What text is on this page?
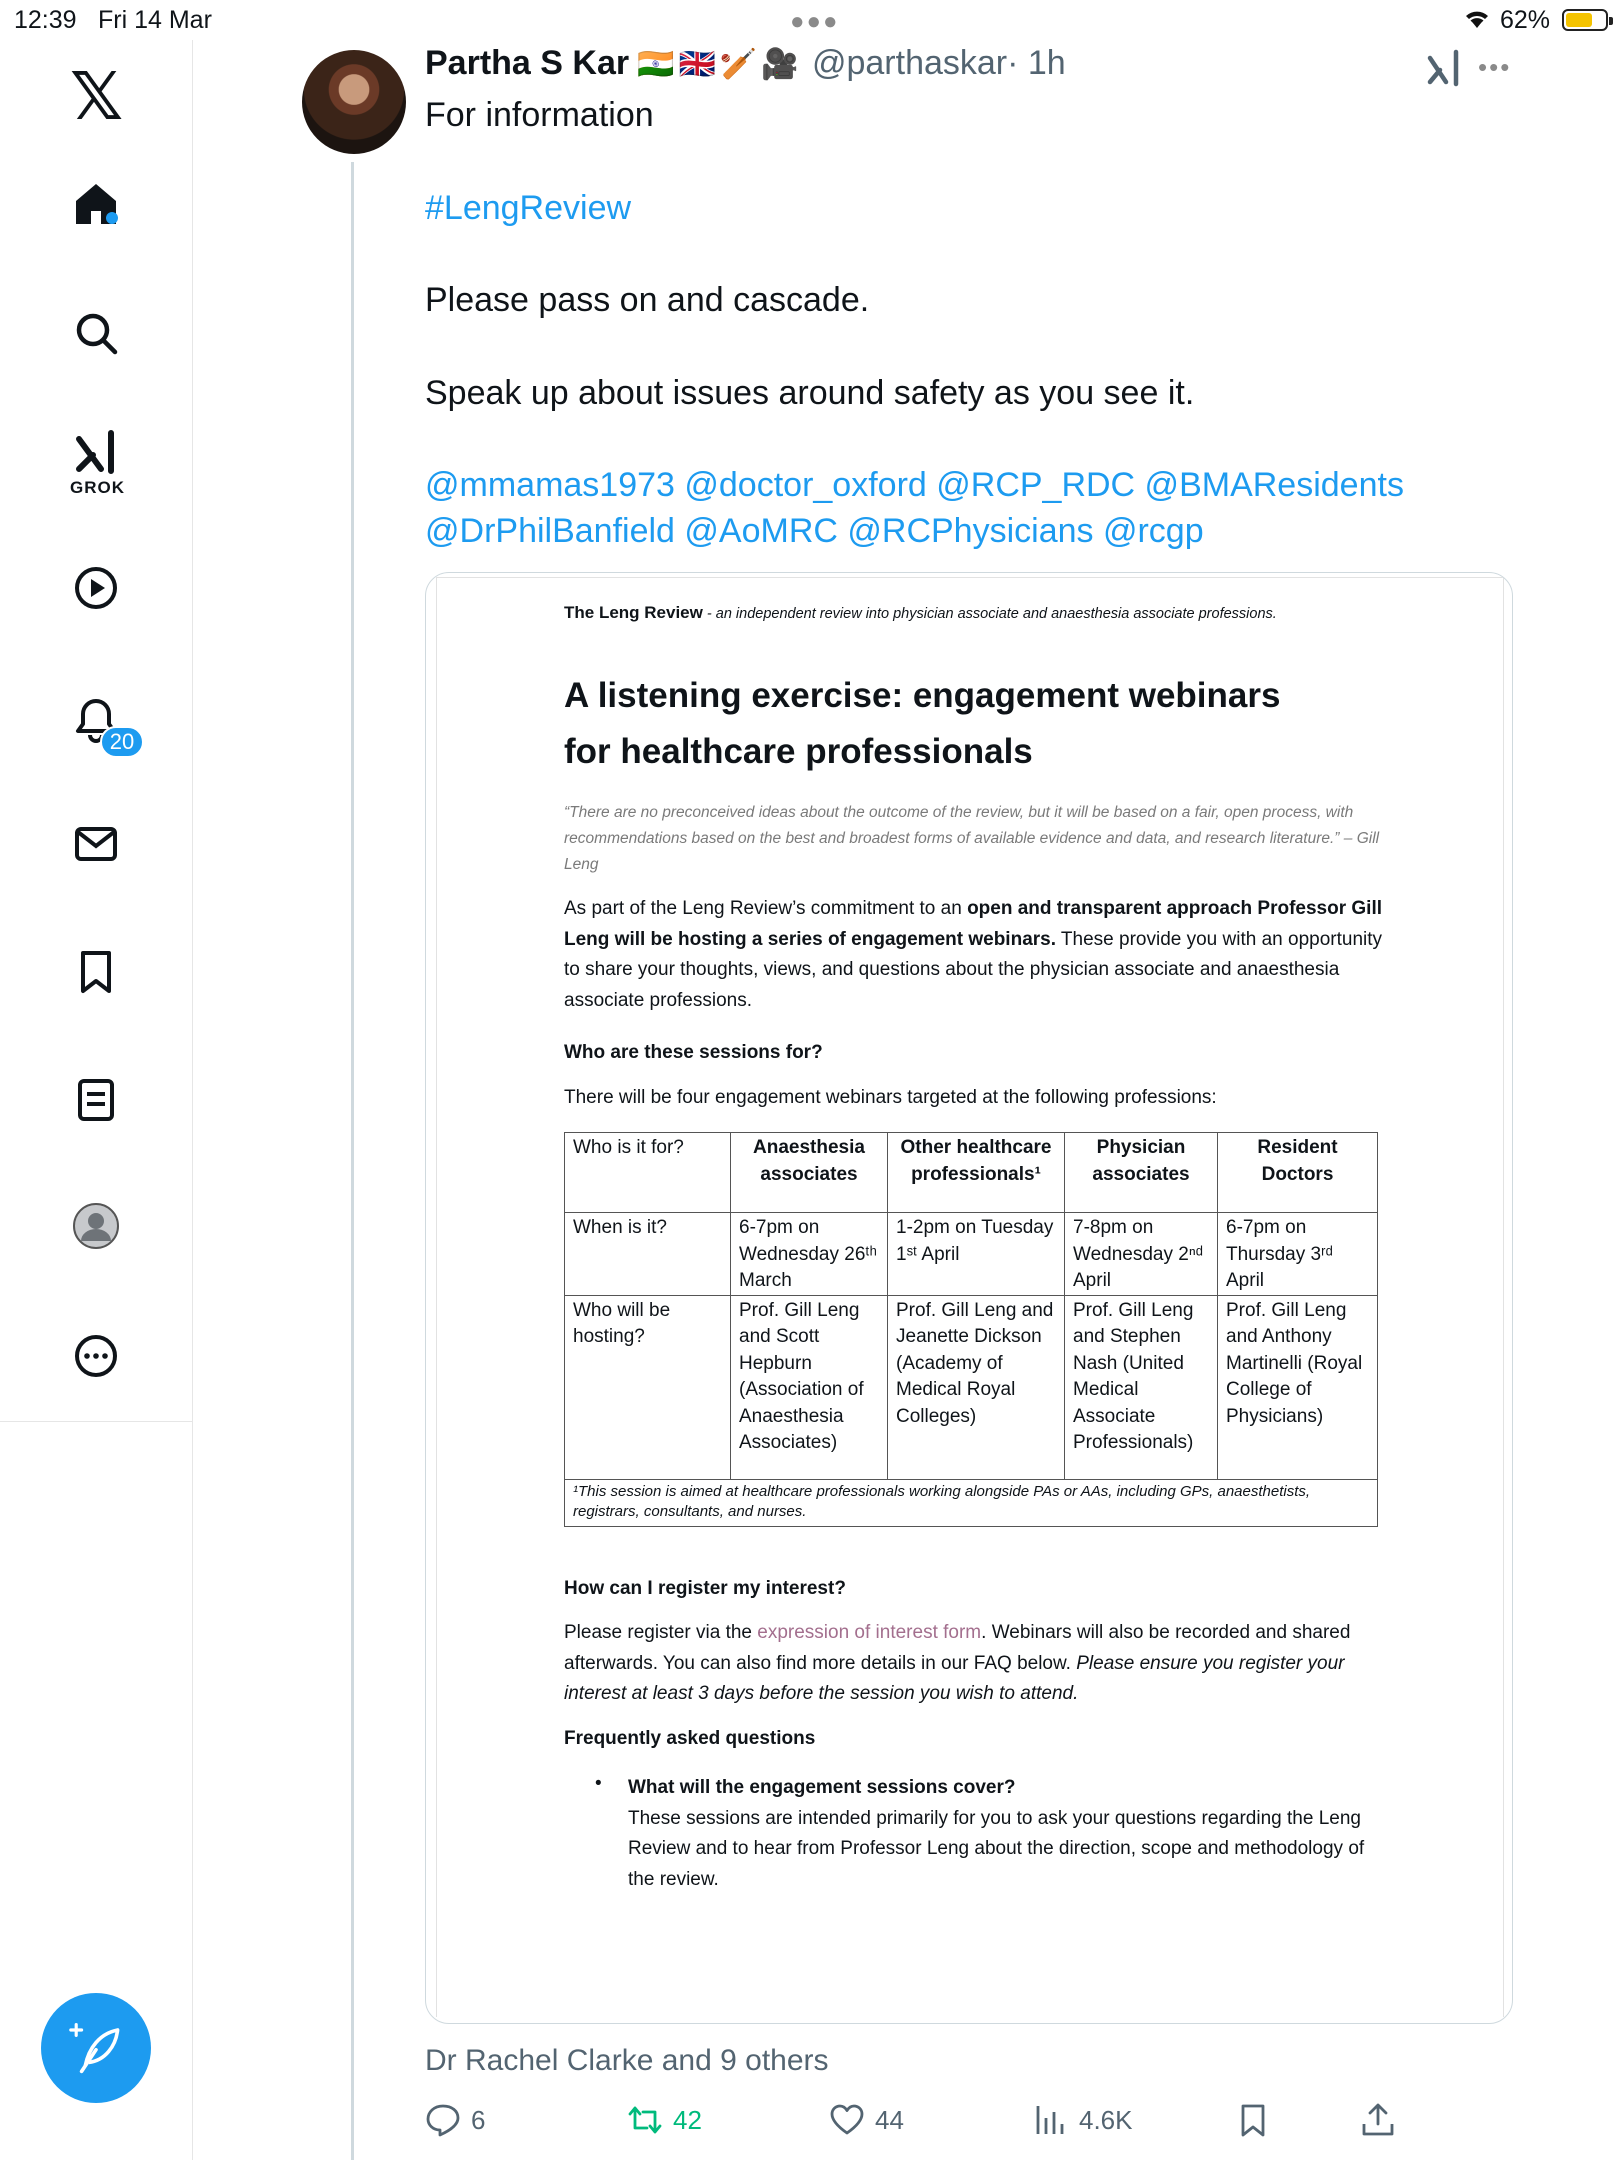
12:39 Fri 14 Mar	●●●	62%
𝕏
GROK
20
Partha S Kar 🇮🇳🇬🇧🏏🎥 @parthaskar· 1h	•••
For information
#LengReview
Please pass on and cascade.
Speak up about issues around safety as you see it.
@mmamas1973 @doctor_oxford @RCP_RDC @BMAResidents
@DrPhilBanfield @AoMRC @RCPhysicians @rcgp
The Leng Review - an independent review into physician associate and anaesthesia associate professions.
A listening exercise: engagement webinars
for healthcare professionals
“There are no preconceived ideas about the outcome of the review, but it will be based on a fair, open process, with recommendations based on the best and broadest forms of available evidence and data, and research literature.” – Gill Leng
As part of the Leng Review’s commitment to an open and transparent approach Professor Gill Leng will be hosting a series of engagement webinars. These provide you with an opportunity to share your thoughts, views, and questions about the physician associate and anaesthesia associate professions.
Who are these sessions for?
There will be four engagement webinars targeted at the following professions:
Who is it for?	Anaesthesia associates	Other healthcare professionals¹	Physician associates	Resident Doctors
When is it?	6-7pm on Wednesday 26ᵗʰ March	1-2pm on Tuesday 1ˢᵗ April	7-8pm on Wednesday 2ⁿᵈ April	6-7pm on Thursday 3ʳᵈ April
Who will be hosting?	Prof. Gill Leng and Scott Hepburn (Association of Anaesthesia Associates)	Prof. Gill Leng and Jeanette Dickson (Academy of Medical Royal Colleges)	Prof. Gill Leng and Stephen Nash (United Medical Associate Professionals)	Prof. Gill Leng and Anthony Martinelli (Royal College of Physicians)
¹This session is aimed at healthcare professionals working alongside PAs or AAs, including GPs, anaesthetists, registrars, consultants, and nurses.				
How can I register my interest?
Please register via the expression of interest form. Webinars will also be recorded and shared afterwards. You can also find more details in our FAQ below. Please ensure you register your interest at least 3 days before the session you wish to attend.
Frequently asked questions
• What will the engagement sessions cover?
These sessions are intended primarily for you to ask your questions regarding the Leng Review and to hear from Professor Leng about the direction, scope and methodology of the review.
Dr Rachel Clarke and 9 others
6	42	44	4.6K
